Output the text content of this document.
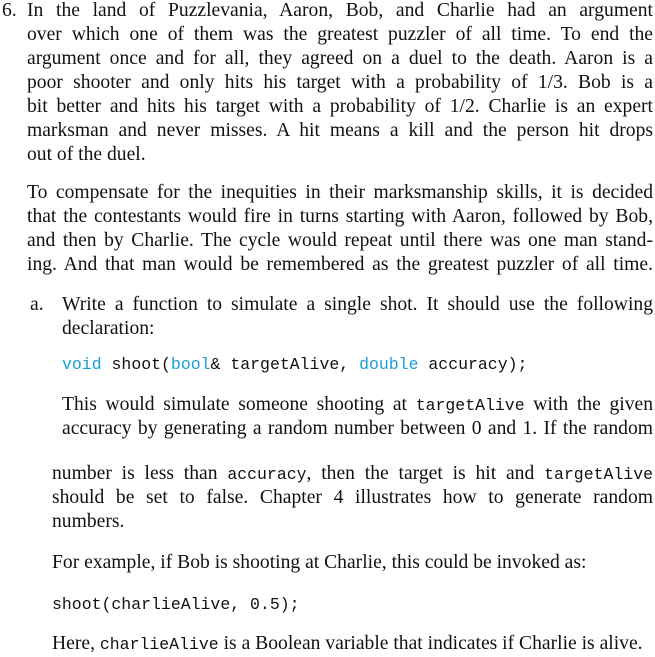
6. In the land of Puzzlevania, Aaron, Bob, and Charlie had an argument
over which one of them was the greatest puzzler of all time. To end the
argument once and for all, they agreed on a duel to the death. Aaron is a
poor shooter and only hits his target with a probability of 1/3. Bob is a
bit better and hits his target with a probability of 1/2. Charlie is an expert
marksman and never misses. A hit means a kill and the person hit drops
out of the duel.
To compensate for the inequities in their marksmanship skills, it is decided
that the contestants would fire in turns starting with Aaron, followed by Bob,
and then by Charlie. The cycle would repeat until there was one man stand-
ing. And that man would be remembered as the greatest puzzler of all time.
a. Write a function to simulate a single shot. It should use the following
declaration:
void shoot(bool& targetAlive, double accuracy);
This would simulate someone shooting at targetAlive with the given
accuracy by generating a random number between 0 and 1. If the random
number is less than accuracy, then the target is hit and targetAlive
should be set to false. Chapter 4 illustrates how to generate random
numbers.
For example, if Bob is shooting at Charlie, this could be invoked as:
shoot(charlieAlive, 0.5);
Here, charlieAlive is a Boolean variable that indicates if Charlie is alive.
